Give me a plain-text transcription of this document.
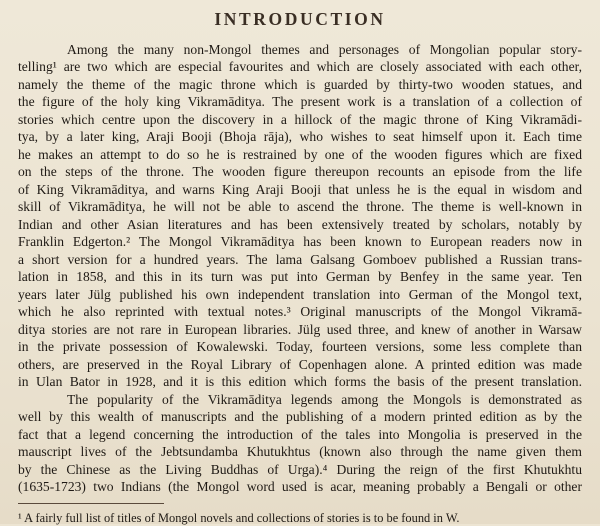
INTRODUCTION
Among the many non-Mongol themes and personages of Mongolian popular story-
telling¹ are two which are especial favourites and which are closely associated with each other,
namely the theme of the magic throne which is guarded by thirty-two wooden statues, and
the figure of the holy king Vikramāditya. The present work is a translation of a collection of
stories which centre upon the discovery in a hillock of the magic throne of King Vikramādi-
tya, by a later king, Araji Booji (Bhoja rāja), who wishes to seat himself upon it. Each time
he makes an attempt to do so he is restrained by one of the wooden figures which are fixed
on the steps of the throne. The wooden figure thereupon recounts an episode from the life
of King Vikramāditya, and warns King Araji Booji that unless he is the equal in wisdom and
skill of Vikramāditya, he will not be able to ascend the throne. The theme is well-known in
Indian and other Asian literatures and has been extensively treated by scholars, notably by
Franklin Edgerton.² The Mongol Vikramāditya has been known to European readers now in
a short version for a hundred years. The lama Galsang Gomboev published a Russian trans-
lation in 1858, and this in its turn was put into German by Benfey in the same year. Ten
years later Jülg published his own independent translation into German of the Mongol text,
which he also reprinted with textual notes.³ Original manuscripts of the Mongol Vikramā-
ditya stories are not rare in European libraries. Jülg used three, and knew of another in Warsaw
in the private possession of Kowalewski. Today, fourteen versions, some less complete than
others, are preserved in the Royal Library of Copenhagen alone. A printed edition was made
in Ulan Bator in 1928, and it is this edition which forms the basis of the present translation.
The popularity of the Vikramāditya legends among the Mongols is demonstrated as
well by this wealth of manuscripts and the publishing of a modern printed edition as by the
fact that a legend concerning the introduction of the tales into Mongolia is preserved in the
mauscript lives of the Jebtsundamba Khutukhtus (known also through the name given them
by the Chinese as the Living Buddhas of Urga).⁴ During the reign of the first Khutukhtu
(1635-1723) two Indians (the Mongol word used is acar, meaning probably a Bengali or other
¹ A fairly full list of titles of Mongol novels and collections of stories is to be found in W.
